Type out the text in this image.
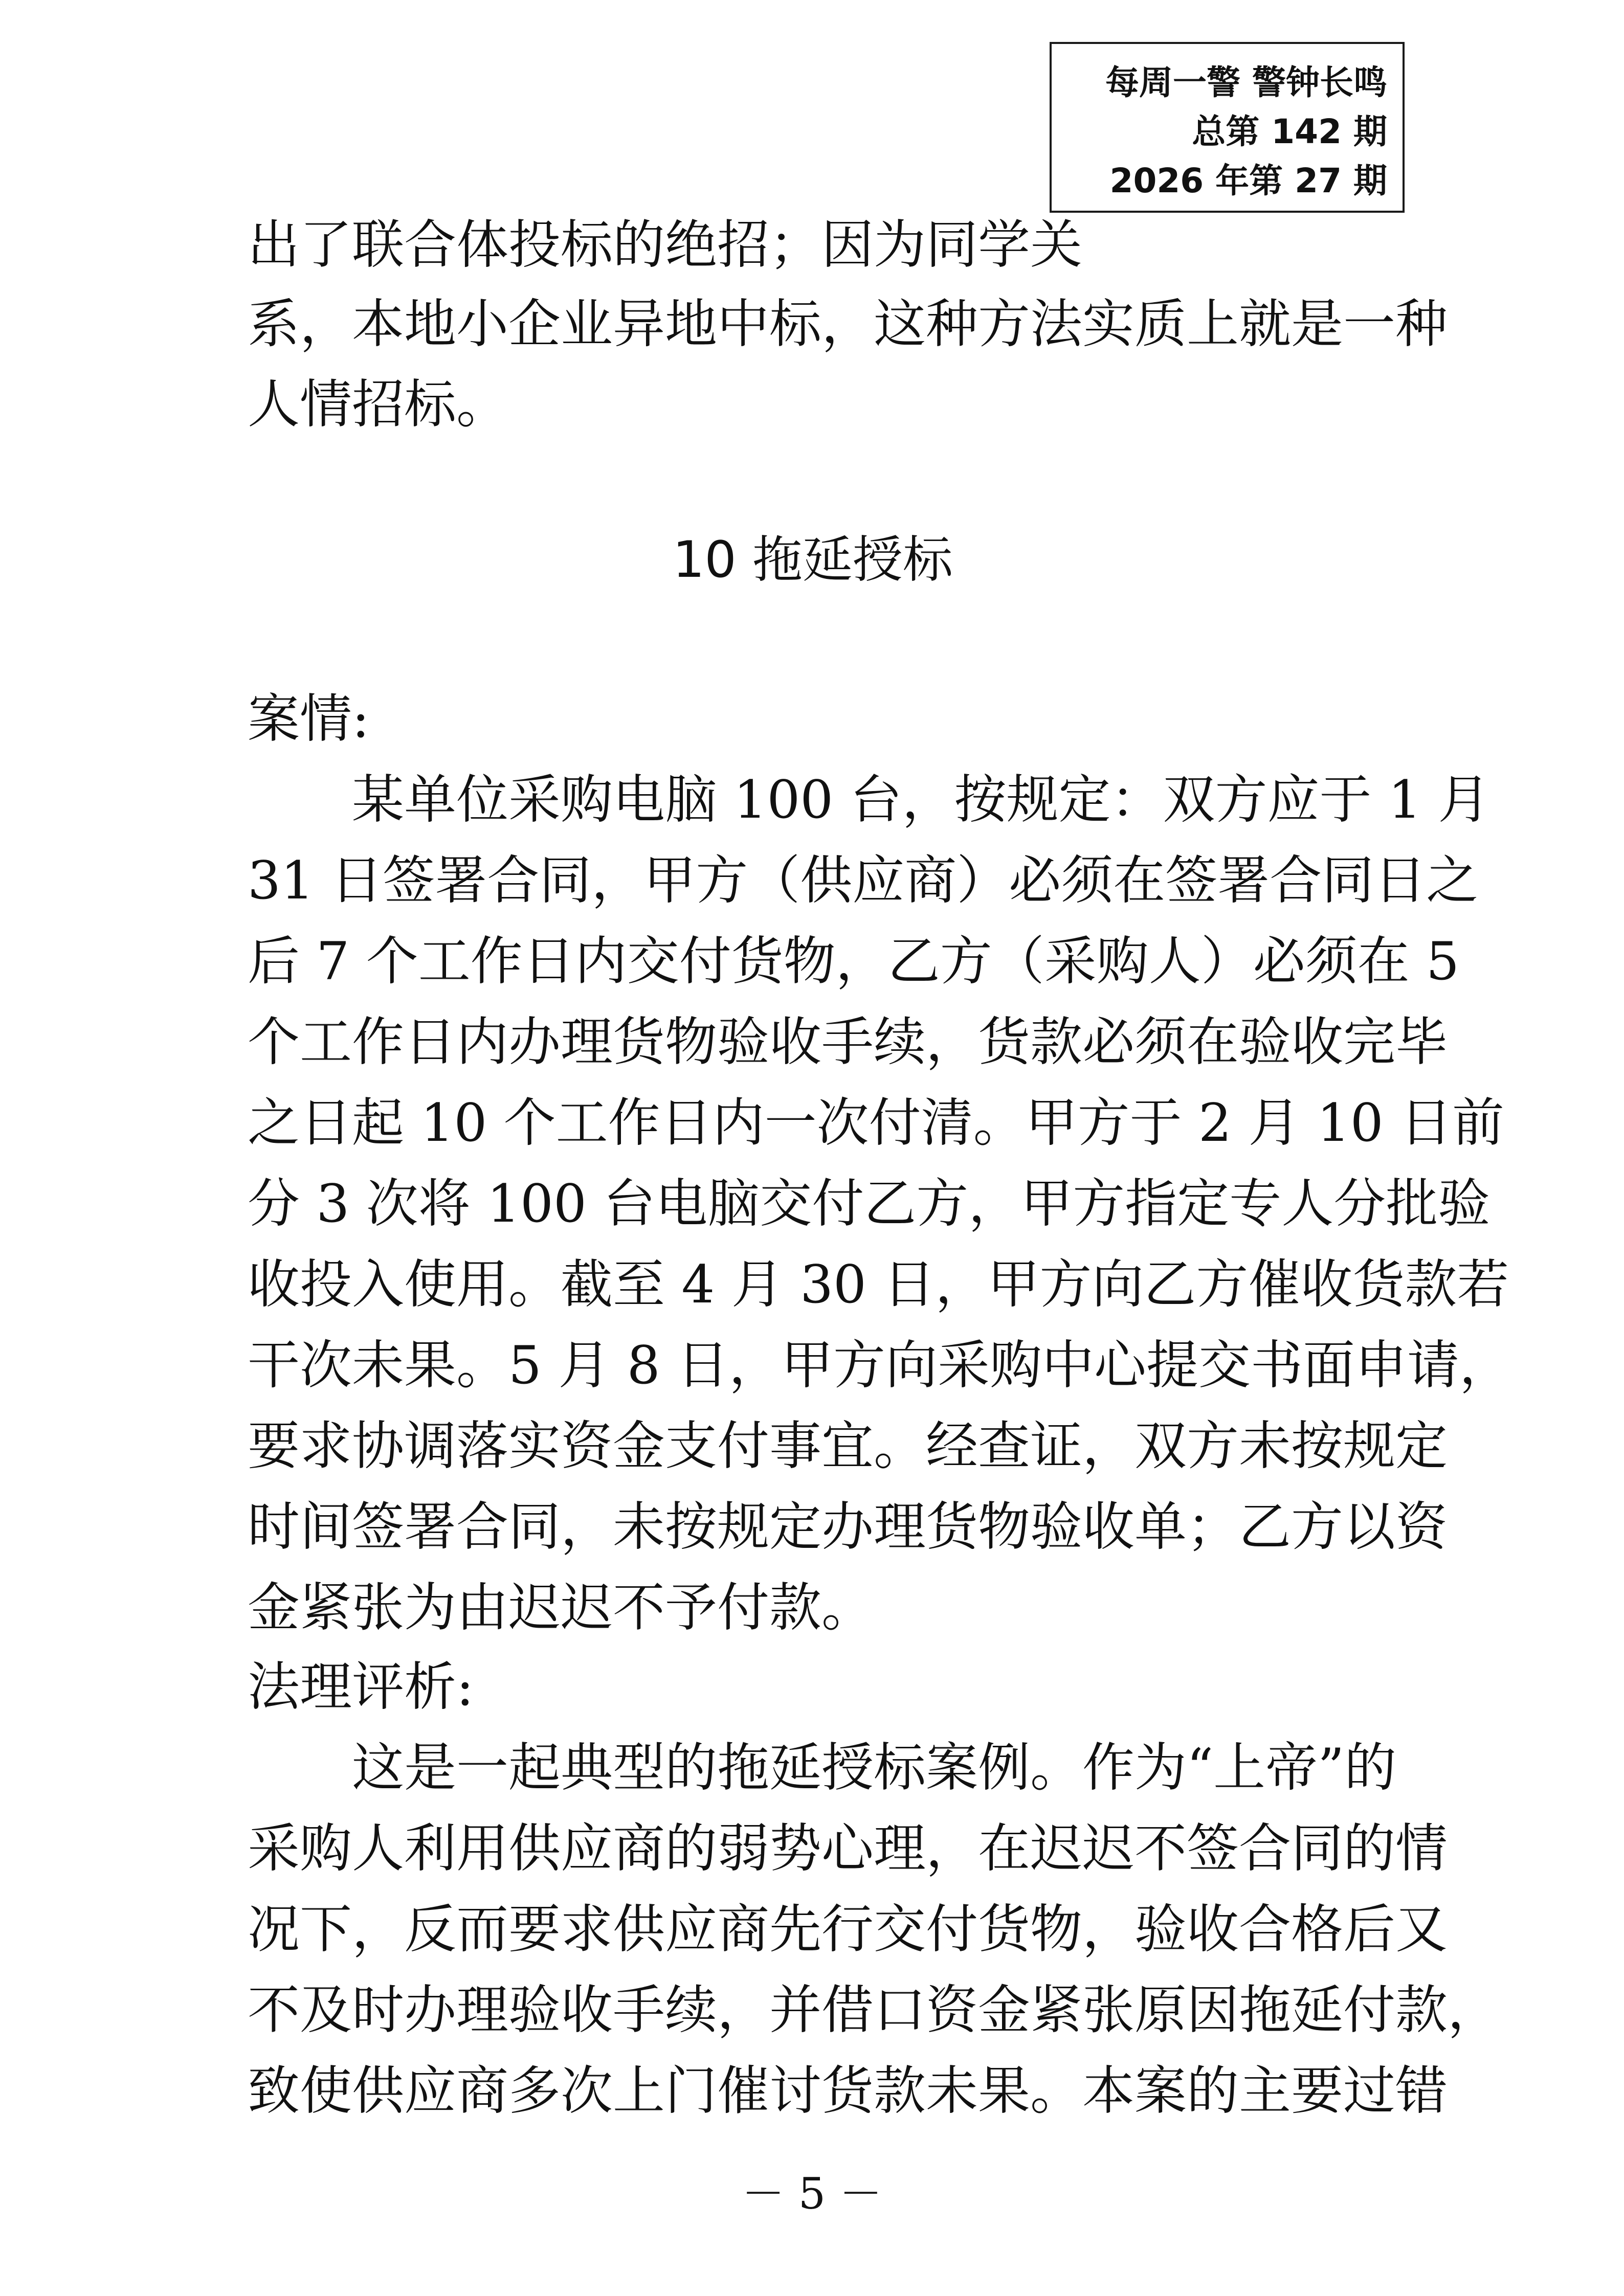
每周一警 警钟长鸣
总第 142 期
2026 年第 27 期
出了联合体投标的绝招；因为同学关
系，本地小企业异地中标，这种方法实质上就是一种
人情招标。
10 拖延授标
案情:
　　某单位采购电脑 100 台，按规定：双方应于 1 月
31 日签署合同，甲方（供应商）必须在签署合同日之
后 7 个工作日内交付货物，乙方（采购人）必须在 5
个工作日内办理货物验收手续，货款必须在验收完毕
之日起 10 个工作日内一次付清。甲方于 2 月 10 日前
分 3 次将 100 台电脑交付乙方，甲方指定专人分批验
收投入使用。截至 4 月 30 日，甲方向乙方催收货款若
干次未果。5 月 8 日，甲方向采购中心提交书面申请，
要求协调落实资金支付事宜。经查证，双方未按规定
时间签署合同，未按规定办理货物验收单；乙方以资
金紧张为由迟迟不予付款。
法理评析:
　　这是一起典型的拖延授标案例。作为“上帝”的
采购人利用供应商的弱势心理，在迟迟不签合同的情
况下，反而要求供应商先行交付货物，验收合格后又
不及时办理验收手续，并借口资金紧张原因拖延付款，
致使供应商多次上门催讨货款未果。本案的主要过错
－ 5 －
